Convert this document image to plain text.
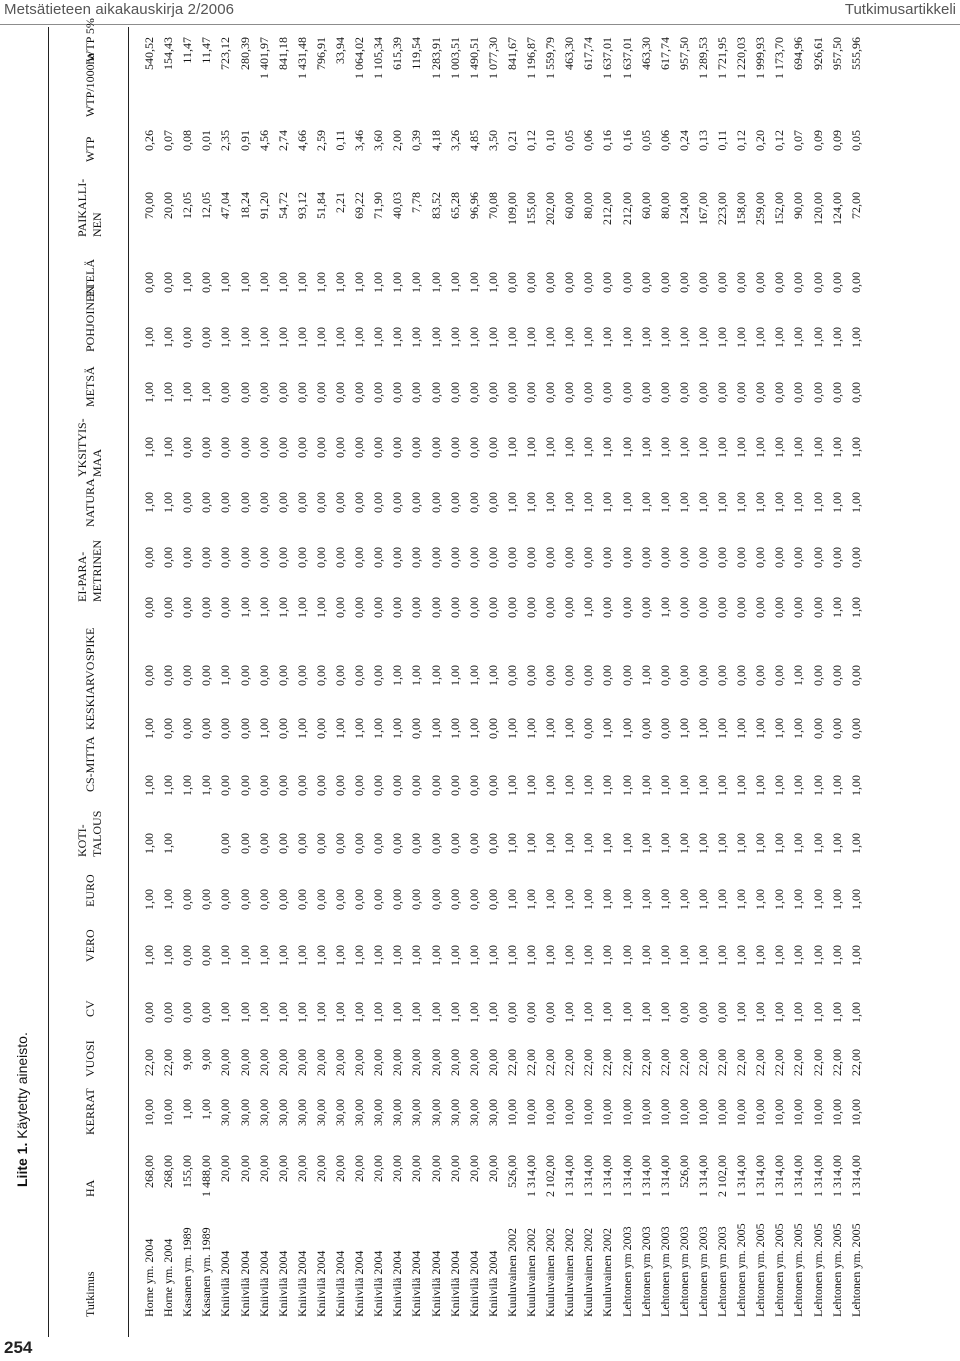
Metsätieteen aikakauskirja 2/2006	Tutkimusartikkeli
254
Liite 1. Käytetty aineisto.
Tutkimus
HA
KERRAT
VUOSI
CV
VERO
EURO
KOTI-
TALOUS
CS-MITTA
KESKIARVO
SPIKE
EI-PARA-
METRINEN
NATURA
YKSITYIS-
MAA
METSÄ
POHJOINEN
ETELÄ
PAIKALLI-
NEN
WTP
WTP/1000ha
WTP 5%
Horne ym. 2004
268,00
10,00
22,00
0,00
1,00
1,00
1,00
1,00
1,00
0,00
0,00
0,00
1,00
1,00
1,00
1,00
0,00
70,00
0,26
540,52
Horne ym. 2004
268,00
10,00
22,00
0,00
1,00
1,00
1,00
1,00
0,00
0,00
0,00
0,00
1,00
1,00
1,00
1,00
0,00
20,00
0,07
154,43
Kasanen ym. 1989
155,00
1,00
9,00
0,00
0,00
0,00
1,00
0,00
0,00
0,00
0,00
0,00
0,00
1,00
0,00
1,00
12,05
0,08
11,47
Kasanen ym. 1989
1 488,00
1,00
9,00
0,00
0,00
0,00
1,00
0,00
0,00
0,00
0,00
0,00
0,00
1,00
0,00
0,00
12,05
0,01
11,47
Kniivilä 2004
20,00
30,00
20,00
1,00
1,00
0,00
0,00
0,00
0,00
1,00
0,00
0,00
0,00
0,00
0,00
1,00
1,00
47,04
2,35
723,12
Kniivilä 2004
20,00
30,00
20,00
1,00
1,00
0,00
0,00
0,00
0,00
0,00
1,00
0,00
0,00
0,00
0,00
1,00
1,00
18,24
0,91
280,39
Kniivilä 2004
20,00
30,00
20,00
1,00
1,00
0,00
0,00
0,00
1,00
0,00
1,00
0,00
0,00
0,00
0,00
1,00
1,00
91,20
4,56
1 401,97
Kniivilä 2004
20,00
30,00
20,00
1,00
1,00
0,00
0,00
0,00
0,00
0,00
1,00
0,00
0,00
0,00
0,00
1,00
1,00
54,72
2,74
841,18
Kniivilä 2004
20,00
30,00
20,00
1,00
1,00
0,00
0,00
0,00
1,00
0,00
1,00
0,00
0,00
0,00
0,00
1,00
1,00
93,12
4,66
1 431,48
Kniivilä 2004
20,00
30,00
20,00
1,00
1,00
0,00
0,00
0,00
0,00
0,00
1,00
0,00
0,00
0,00
0,00
1,00
1,00
51,84
2,59
796,91
Kniivilä 2004
20,00
30,00
20,00
1,00
1,00
0,00
0,00
0,00
1,00
0,00
0,00
0,00
0,00
0,00
0,00
1,00
1,00
2,21
0,11
33,94
Kniivilä 2004
20,00
30,00
20,00
1,00
1,00
0,00
0,00
0,00
1,00
0,00
0,00
0,00
0,00
0,00
0,00
1,00
1,00
69,22
3,46
1 064,02
Kniivilä 2004
20,00
30,00
20,00
1,00
1,00
0,00
0,00
0,00
1,00
0,00
0,00
0,00
0,00
0,00
0,00
1,00
1,00
71,90
3,60
1 105,34
Kniivilä 2004
20,00
30,00
20,00
1,00
1,00
0,00
0,00
0,00
1,00
1,00
0,00
0,00
0,00
0,00
0,00
1,00
1,00
40,03
2,00
615,39
Kniivilä 2004
20,00
30,00
20,00
1,00
1,00
0,00
0,00
0,00
0,00
1,00
0,00
0,00
0,00
0,00
0,00
1,00
1,00
7,78
0,39
119,54
Kniivilä 2004
20,00
30,00
20,00
1,00
1,00
0,00
0,00
0,00
1,00
1,00
0,00
0,00
0,00
0,00
0,00
1,00
1,00
83,52
4,18
1 283,91
Kniivilä 2004
20,00
30,00
20,00
1,00
1,00
0,00
0,00
0,00
1,00
1,00
0,00
0,00
0,00
0,00
0,00
1,00
1,00
65,28
3,26
1 003,51
Kniivilä 2004
20,00
30,00
20,00
1,00
1,00
0,00
0,00
0,00
1,00
1,00
0,00
0,00
0,00
0,00
0,00
1,00
1,00
96,96
4,85
1 490,51
Kniivilä 2004
20,00
30,00
20,00
1,00
1,00
0,00
0,00
0,00
0,00
1,00
0,00
0,00
0,00
0,00
0,00
1,00
1,00
70,08
3,50
1 077,30
Kuuluvainen 2002
526,00
10,00
22,00
0,00
1,00
1,00
1,00
1,00
1,00
0,00
0,00
0,00
1,00
1,00
0,00
1,00
0,00
109,00
0,21
841,67
Kuuluvainen 2002
1 314,00
10,00
22,00
0,00
1,00
1,00
1,00
1,00
1,00
0,00
0,00
0,00
1,00
1,00
0,00
1,00
0,00
155,00
0,12
1 196,87
Kuuluvainen 2002
2 102,00
10,00
22,00
0,00
1,00
1,00
1,00
1,00
1,00
0,00
0,00
0,00
1,00
1,00
0,00
1,00
0,00
202,00
0,10
1 559,79
Kuuluvainen 2002
1 314,00
10,00
22,00
1,00
1,00
1,00
1,00
1,00
1,00
0,00
0,00
0,00
1,00
1,00
0,00
1,00
0,00
60,00
0,05
463,30
Kuuluvainen 2002
1 314,00
10,00
22,00
1,00
1,00
1,00
1,00
1,00
0,00
0,00
1,00
0,00
1,00
1,00
0,00
1,00
0,00
80,00
0,06
617,74
Kuuluvainen 2002
1 314,00
10,00
22,00
1,00
1,00
1,00
1,00
1,00
1,00
0,00
0,00
0,00
1,00
1,00
0,00
1,00
0,00
212,00
0,16
1 637,01
Lehtonen ym 2003
1 314,00
10,00
22,00
1,00
1,00
1,00
1,00
1,00
1,00
0,00
0,00
0,00
1,00
1,00
0,00
1,00
0,00
212,00
0,16
1 637,01
Lehtonen ym 2003
1 314,00
10,00
22,00
1,00
1,00
1,00
1,00
1,00
0,00
1,00
0,00
0,00
1,00
1,00
0,00
1,00
0,00
60,00
0,05
463,30
Lehtonen ym 2003
1 314,00
10,00
22,00
1,00
1,00
1,00
1,00
1,00
0,00
0,00
1,00
0,00
1,00
1,00
0,00
1,00
0,00
80,00
0,06
617,74
Lehtonen ym 2003
526,00
10,00
22,00
0,00
1,00
1,00
1,00
1,00
1,00
0,00
0,00
0,00
1,00
1,00
0,00
1,00
0,00
124,00
0,24
957,50
Lehtonen ym 2003
1 314,00
10,00
22,00
0,00
1,00
1,00
1,00
1,00
1,00
0,00
0,00
0,00
1,00
1,00
0,00
1,00
0,00
167,00
0,13
1 289,53
Lehtonen ym 2003
2 102,00
10,00
22,00
0,00
1,00
1,00
1,00
1,00
1,00
0,00
0,00
0,00
1,00
1,00
0,00
1,00
0,00
223,00
0,11
1 721,95
Lehtonen ym. 2005
1 314,00
10,00
22,00
1,00
1,00
1,00
1,00
1,00
1,00
0,00
0,00
0,00
1,00
1,00
0,00
1,00
0,00
158,00
0,12
1 220,03
Lehtonen ym. 2005
1 314,00
10,00
22,00
1,00
1,00
1,00
1,00
1,00
1,00
0,00
0,00
0,00
1,00
1,00
0,00
1,00
0,00
259,00
0,20
1 999,93
Lehtonen ym. 2005
1 314,00
10,00
22,00
1,00
1,00
1,00
1,00
1,00
1,00
0,00
0,00
0,00
1,00
1,00
0,00
1,00
0,00
152,00
0,12
1 173,70
Lehtonen ym. 2005
1 314,00
10,00
22,00
1,00
1,00
1,00
1,00
1,00
1,00
1,00
0,00
0,00
1,00
1,00
0,00
1,00
0,00
90,00
0,07
694,96
Lehtonen ym. 2005
1 314,00
10,00
22,00
1,00
1,00
1,00
1,00
1,00
0,00
0,00
0,00
0,00
1,00
1,00
0,00
1,00
0,00
120,00
0,09
926,61
Lehtonen ym. 2005
1 314,00
10,00
22,00
1,00
1,00
1,00
1,00
1,00
0,00
0,00
1,00
0,00
1,00
1,00
0,00
1,00
0,00
124,00
0,09
957,50
Lehtonen ym. 2005
1 314,00
10,00
22,00
1,00
1,00
1,00
1,00
1,00
0,00
0,00
1,00
0,00
1,00
1,00
0,00
1,00
0,00
72,00
0,05
555,96
